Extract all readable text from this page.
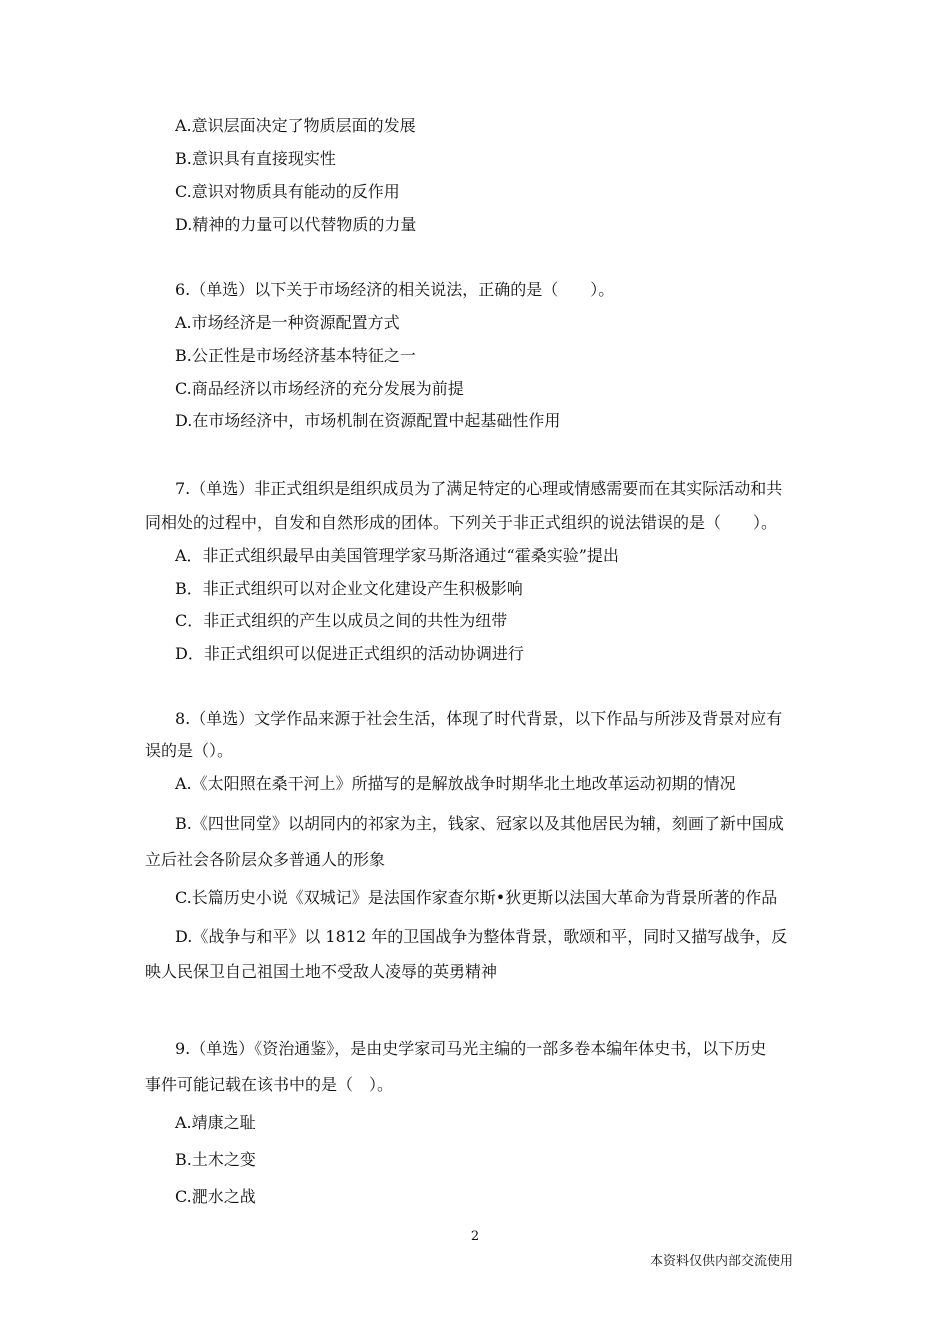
A.意识层面决定了物质层面的发展
B.意识具有直接现实性
C.意识对物质具有能动的反作用
D.精神的力量可以代替物质的力量
6.（单选）以下关于市场经济的相关说法，正确的是（　　）。
A.市场经济是一种资源配置方式
B.公正性是市场经济基本特征之一
C.商品经济以市场经济的充分发展为前提
D.在市场经济中，市场机制在资源配置中起基础性作用
7.（单选）非正式组织是组织成员为了满足特定的心理或情感需要而在其实际活动和共
同相处的过程中，自发和自然形成的团体。下列关于非正式组织的说法错误的是（　　）。
A．非正式组织最早由美国管理学家马斯洛通过“霍桑实验”提出
B．非正式组织可以对企业文化建设产生积极影响
C．非正式组织的产生以成员之间的共性为纽带
D．非正式组织可以促进正式组织的活动协调进行
8.（单选）文学作品来源于社会生活，体现了时代背景，以下作品与所涉及背景对应有
误的是（）。
A.《太阳照在桑干河上》所描写的是解放战争时期华北土地改革运动初期的情况
B.《四世同堂》以胡同内的祁家为主，钱家、冠家以及其他居民为辅，刻画了新中国成
立后社会各阶层众多普通人的形象
C.长篇历史小说《双城记》是法国作家查尔斯•狄更斯以法国大革命为背景所著的作品
D.《战争与和平》以 1812 年的卫国战争为整体背景，歌颂和平，同时又描写战争，反
映人民保卫自己祖国土地不受敌人凌辱的英勇精神
9.（单选）《资治通鉴》，是由史学家司马光主编的一部多卷本编年体史书，以下历史
事件可能记载在该书中的是（　）。
A.靖康之耻
B.土木之变
C.淝水之战
2
本资料仅供内部交流使用
